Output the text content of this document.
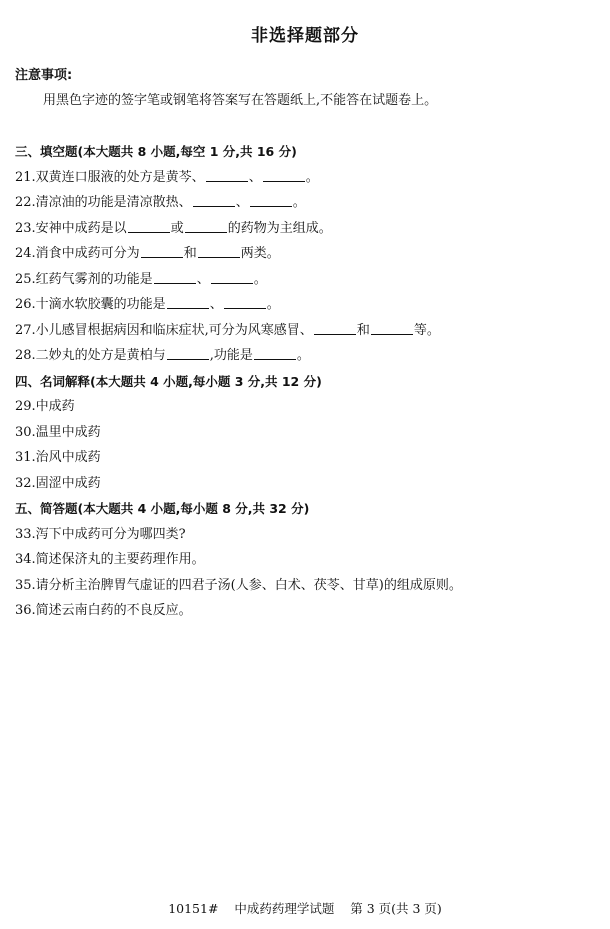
非选择题部分
注意事项:
用黑色字迹的签字笔或钢笔将答案写在答题纸上,不能答在试题卷上。
三、填空题(本大题共 8 小题,每空 1 分,共 16 分)
21.双黄连口服液的处方是黄芩、	、	。
22.清凉油的功能是清凉散热、	、	。
23.安神中成药是以	或	的药物为主组成。
24.消食中成药可分为	和	两类。
25.红药气雾剂的功能是	、	。
26.十滴水软胶囊的功能是	、	。
27.小儿感冒根据病因和临床症状,可分为风寒感冒、	和	等。
28.二妙丸的处方是黄柏与	,功能是	。
四、名词解释(本大题共 4 小题,每小题 3 分,共 12 分)
29.中成药
30.温里中成药
31.治风中成药
32.固涩中成药
五、简答题(本大题共 4 小题,每小题 8 分,共 32 分)
33.泻下中成药可分为哪四类?
34.简述保济丸的主要药理作用。
35.请分析主治脾胃气虚证的四君子汤(人参、白术、茯苓、甘草)的组成原则。
36.简述云南白药的不良反应。
10151#    中成药药理学试题    第 3 页(共 3 页)
